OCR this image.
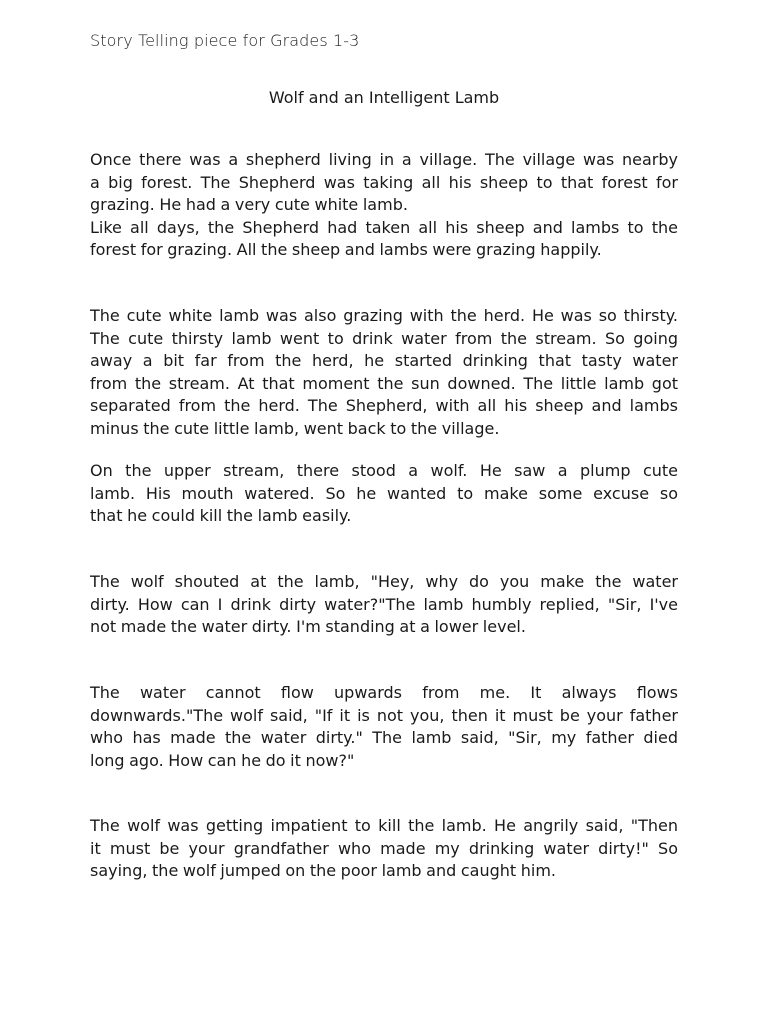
Story Telling piece for Grades 1-3
Wolf and an Intelligent Lamb

Once there was a shepherd living in a village. The village was nearby
a big forest. The Shepherd was taking all his sheep to that forest for
grazing. He had a very cute white lamb.
Like all days, the Shepherd had taken all his sheep and lambs to the
forest for grazing. All the sheep and lambs were grazing happily.

The cute white lamb was also grazing with the herd. He was so thirsty.
The cute thirsty lamb went to drink water from the stream. So going
away a bit far from the herd, he started drinking that tasty water
from the stream. At that moment the sun downed. The little lamb got
separated from the herd. The Shepherd, with all his sheep and lambs
minus the cute little lamb, went back to the village.

On the upper stream, there stood a wolf. He saw a plump cute
lamb. His mouth watered. So he wanted to make some excuse so
that he could kill the lamb easily.

The wolf shouted at the lamb, "Hey, why do you make the water
dirty. How can I drink dirty water?"The lamb humbly replied, "Sir, I've
not made the water dirty. I'm standing at a lower level.

The water cannot flow upwards from me. It always flows
downwards."The wolf said, "If it is not you, then it must be your father
who has made the water dirty." The lamb said, "Sir, my father died
long ago. How can he do it now?"

The wolf was getting impatient to kill the lamb. He angrily said, "Then
it must be your grandfather who made my drinking water dirty!" So
saying, the wolf jumped on the poor lamb and caught him.
